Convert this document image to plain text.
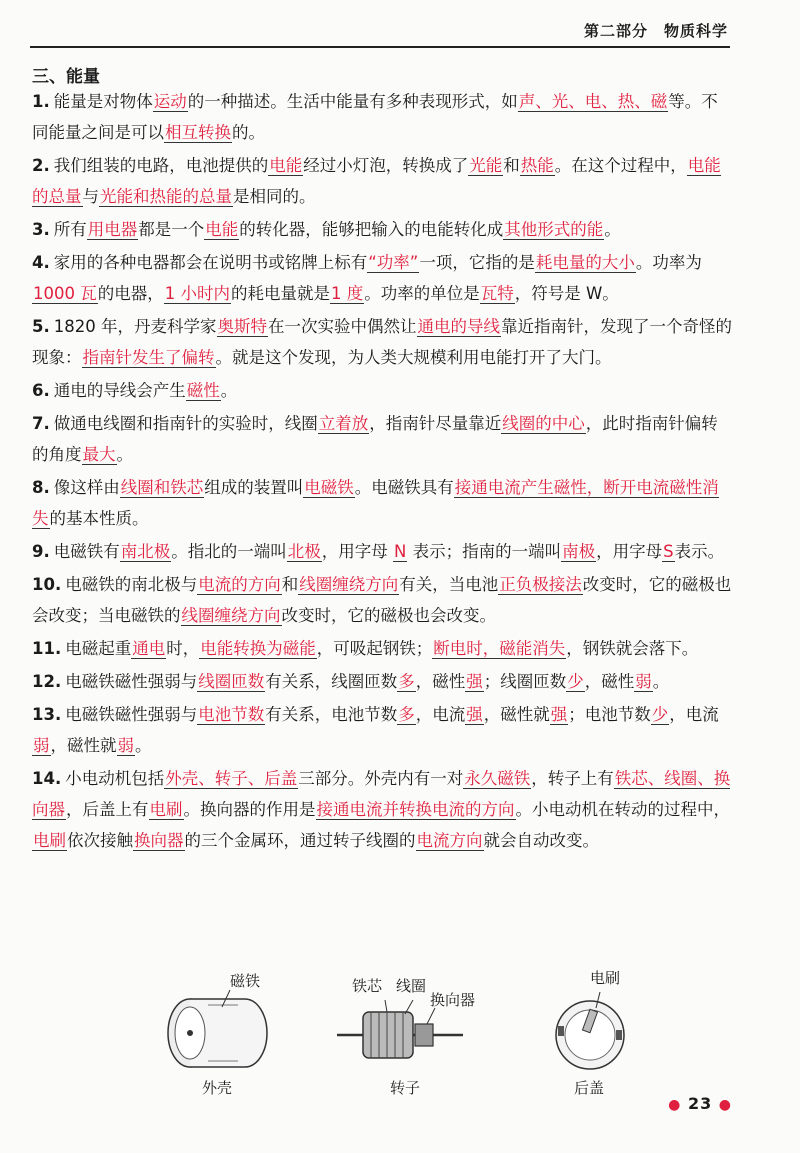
第二部分　物质科学
三、能量
1. 能量是对物体运动的一种描述。生活中能量有多种表现形式，如声、光、电、热、磁等。不同能量之间是可以相互转换的。
2. 我们组装的电路，电池提供的电能经过小灯泡，转换成了光能和热能。在这个过程中，电能的总量与光能和热能的总量是相同的。
3. 所有用电器都是一个电能的转化器，能够把输入的电能转化成其他形式的能。
4. 家用的各种电器都会在说明书或铭牌上标有“功率”一项，它指的是耗电量的大小。功率为1000 瓦的电器，1 小时内的耗电量就是1 度。功率的单位是瓦特，符号是 W。
5. 1820 年，丹麦科学家奥斯特在一次实验中偶然让通电的导线靠近指南针，发现了一个奇怪的现象：指南针发生了偏转。就是这个发现，为人类大规模利用电能打开了大门。
6. 通电的导线会产生磁性。
7. 做通电线圈和指南针的实验时，线圈立着放，指南针尽量靠近线圈的中心，此时指南针偏转的角度最大。
8. 像这样由线圈和铁芯组成的装置叫电磁铁。电磁铁具有接通电流产生磁性，断开电流磁性消失的基本性质。
9. 电磁铁有南北极。指北的一端叫北极，用字母 N 表示；指南的一端叫南极，用字母S表示。
10. 电磁铁的南北极与电流的方向和线圈缠绕方向有关，当电池正负极接法改变时，它的磁极也会改变；当电磁铁的线圈缠绕方向改变时，它的磁极也会改变。
11. 电磁起重通电时，电能转换为磁能，可吸起钢铁；断电时，磁能消失，钢铁就会落下。
12. 电磁铁磁性强弱与线圈匝数有关系，线圈匝数多，磁性强；线圈匝数少，磁性弱。
13. 电磁铁磁性强弱与电池节数有关系，电池节数多，电流强，磁性就强；电池节数少，电流弱，磁性就弱。
14. 小电动机包括外壳、转子、后盖三部分。外壳内有一对永久磁铁，转子上有铁芯、线圈、换向器，后盖上有电刷。换向器的作用是接通电流并转换电流的方向。小电动机在转动的过程中，电刷依次接触换向器的三个金属环，通过转子线圈的电流方向就会自动改变。
磁铁
外壳
铁芯 线圈
换向器
转子
电刷
后盖
● 23 ●
